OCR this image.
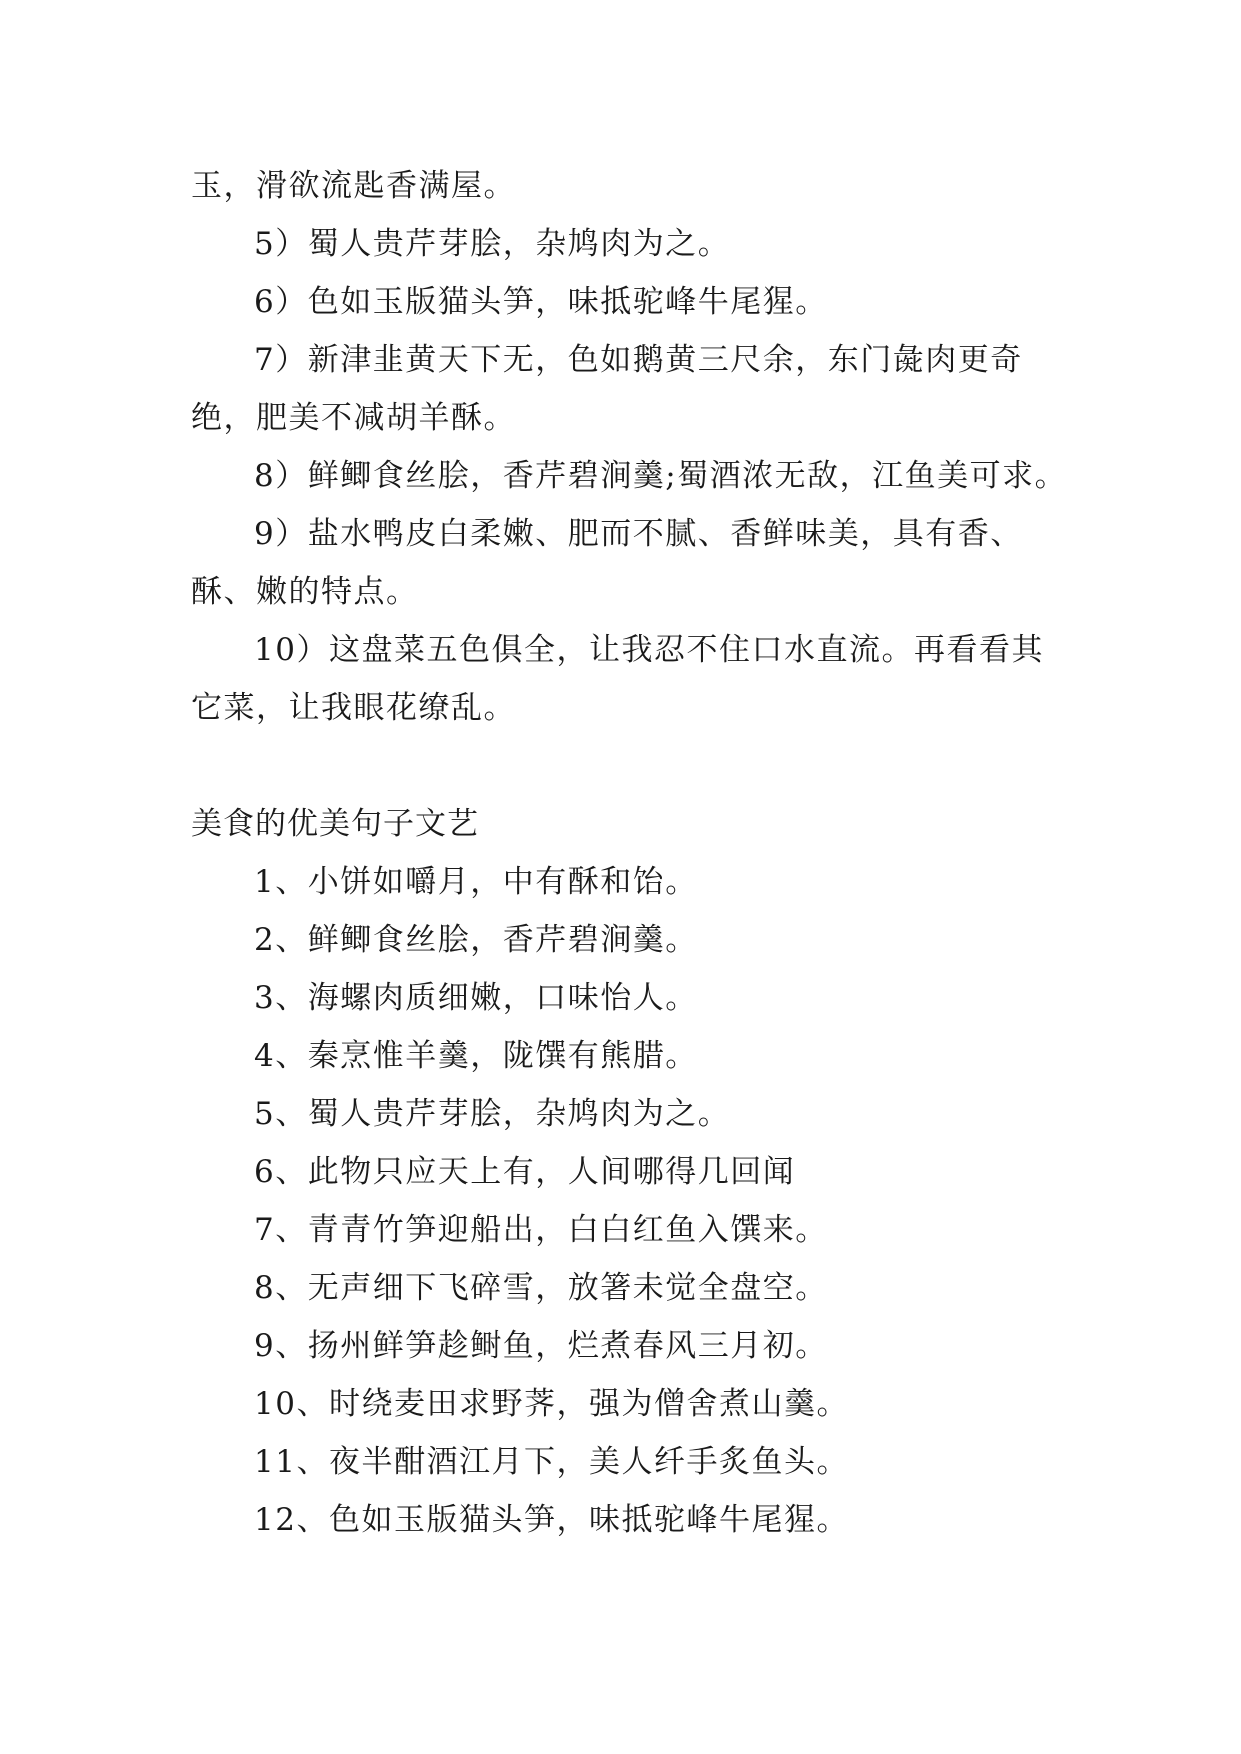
玉，滑欲流匙香满屋。
5）蜀人贵芹芽脍，杂鸠肉为之。
6）色如玉版猫头笋，味抵驼峰牛尾猩。
7）新津韭黄天下无，色如鹅黄三尺余，东门彘肉更奇
绝，肥美不减胡羊酥。
8）鲜鲫食丝脍，香芹碧涧羹;蜀酒浓无敌，江鱼美可求。
9）盐水鸭皮白柔嫩、肥而不腻、香鲜味美，具有香、
酥、嫩的特点。
10）这盘菜五色俱全，让我忍不住口水直流。再看看其
它菜，让我眼花缭乱。
美食的优美句子文艺
1、小饼如嚼月，中有酥和饴。
2、鲜鲫食丝脍，香芹碧涧羹。
3、海螺肉质细嫩，口味怡人。
4、秦烹惟羊羹，陇馔有熊腊。
5、蜀人贵芹芽脍，杂鸠肉为之。
6、此物只应天上有，人间哪得几回闻
7、青青竹笋迎船出，白白红鱼入馔来。
8、无声细下飞碎雪，放箸未觉全盘空。
9、扬州鲜笋趁鲥鱼，烂煮春风三月初。
10、时绕麦田求野荠，强为僧舍煮山羹。
11、夜半酣酒江月下，美人纤手炙鱼头。
12、色如玉版猫头笋，味抵驼峰牛尾猩。
